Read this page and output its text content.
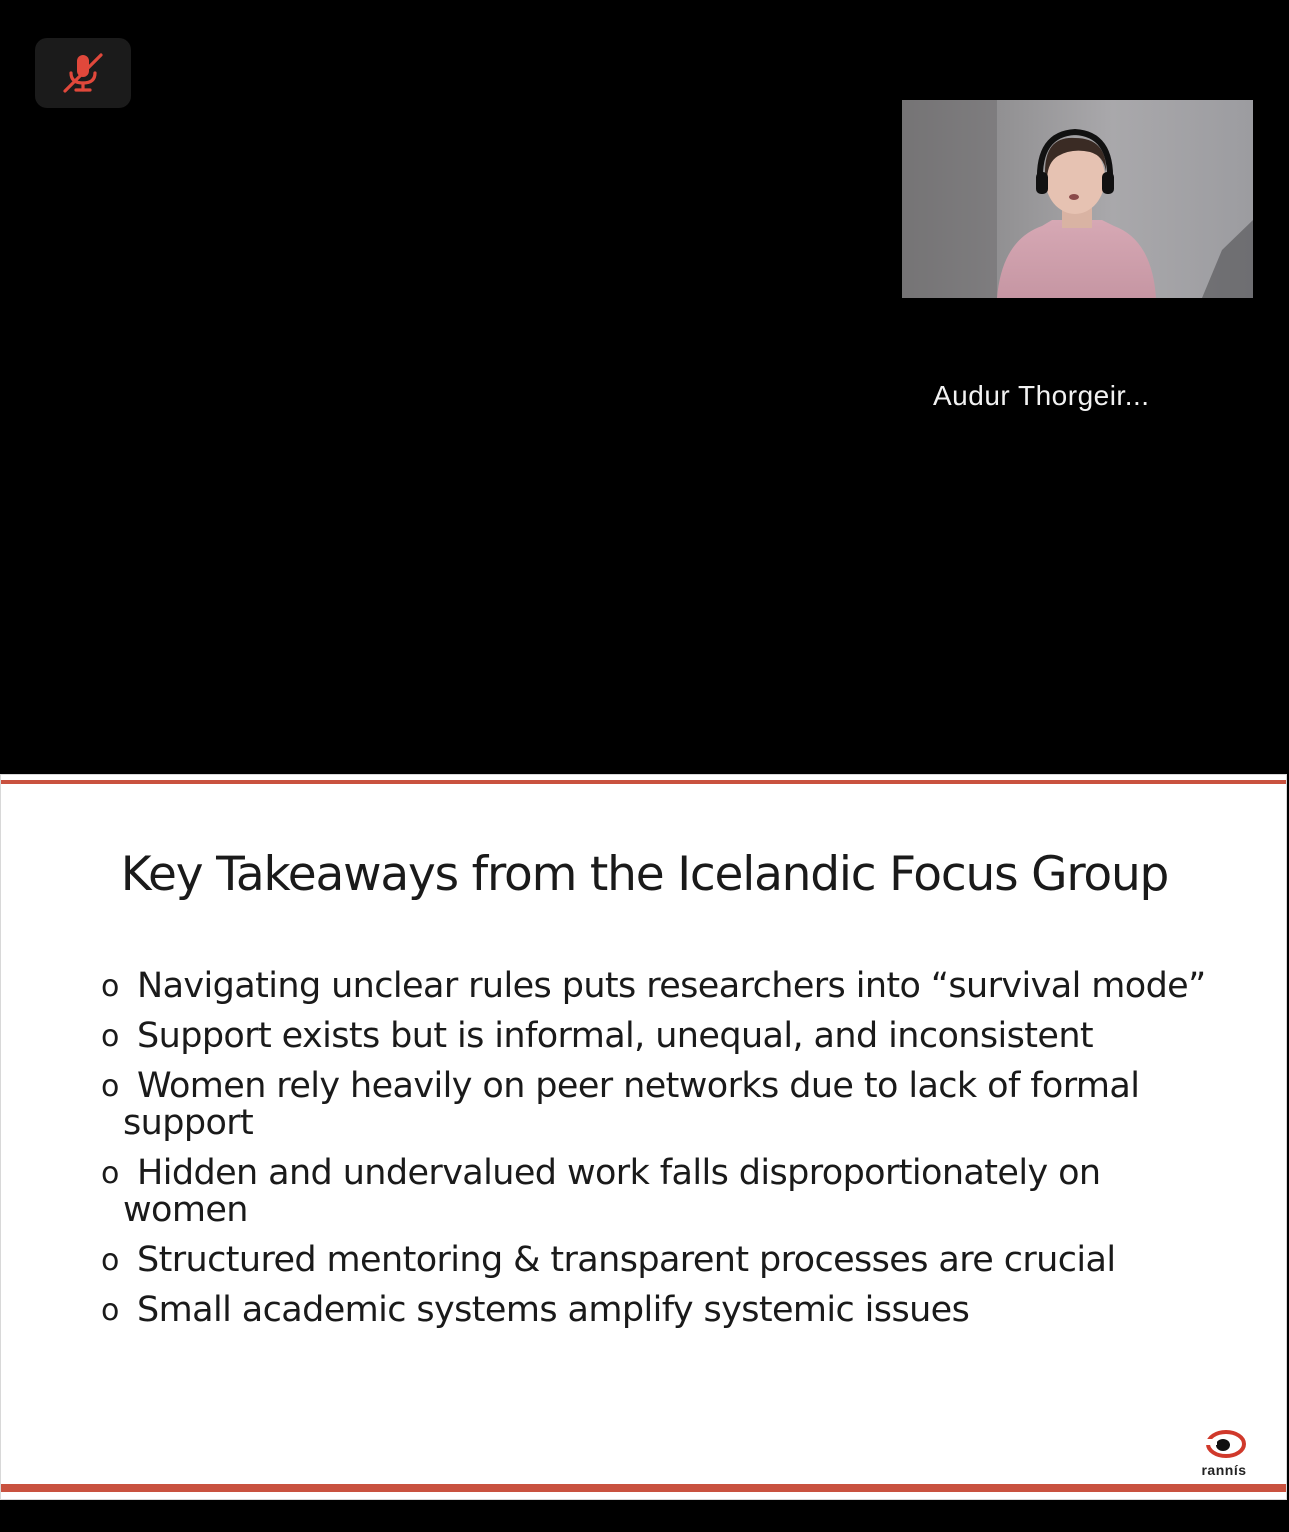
Audur Thorgeir...
Key Takeaways from the Icelandic Focus Group
o Navigating unclear rules puts researchers into “survival mode”
o Support exists but is informal, unequal, and inconsistent
o Women rely heavily on peer networks due to lack of formal support
o Hidden and undervalued work falls disproportionately on women
o Structured mentoring & transparent processes are crucial
o Small academic systems amplify systemic issues
rannís
